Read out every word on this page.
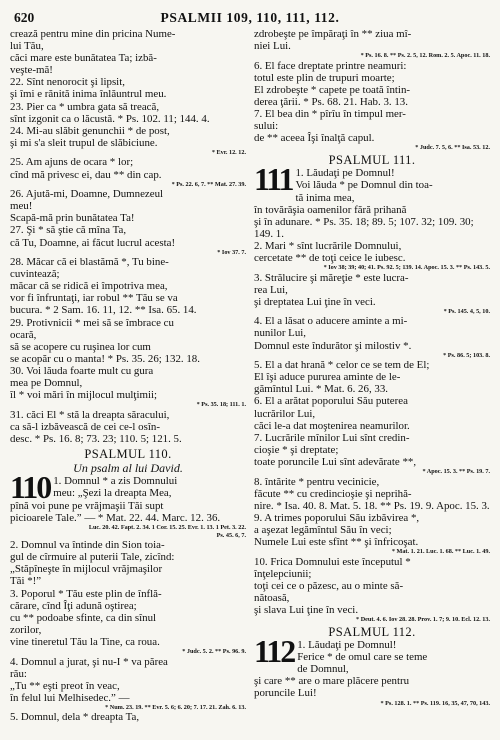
620	PSALMII 109, 110, 111, 112.
crează pentru mine din pricina Nume-
lui Tău,
căci mare este bunătatea Ta; izbă-
veşte-mă!
22. Sînt nenorocit şi lipsit,
şi îmi e rănită inima înlăuntrul meu.
23. Pier ca * umbra gata să treacă,
sînt izgonit ca o lăcustă. * Ps. 102. 11; 144. 4.
24. Mi-au slăbit genunchii * de post,
şi mi s'a sleit trupul de slăbiciune.
* Evr. 12. 12.
25. Am ajuns de ocara * lor;
cînd mă privesc ei, dau ** din cap.
* Ps. 22. 6, 7. ** Mat. 27. 39.
26. Ajută-mi, Doamne, Dumnezeul
meu!
Scapă-mă prin bunătatea Ta!
27. Şi * să ştie că mîna Ta,
că Tu, Doamne, ai făcut lucrul acesta!
* Iov 37. 7.
28. Măcar că ei blastămă *, Tu bine-
cuvintează;
măcar că se ridică ei împotriva mea,
vor fi înfruntaţi, iar robul ** Tău se va
bucura. * 2 Sam. 16. 11, 12. ** Isa. 65. 14.
29. Protivnicii * mei să se îmbrace cu
ocară,
să se acopere cu ruşinea lor cum
se acopăr cu o manta! * Ps. 35. 26; 132. 18.
30. Voi lăuda foarte mult cu gura
mea pe Domnul,
îl * voi mări în mijlocul mulţimii;
* Ps. 35. 18; 111. 1.
31. căci El * stă la dreapta săracului,
ca să-l izbăvească de cei ce-l osîn-
desc. * Ps. 16. 8; 73. 23; 110. 5; 121. 5.
PSALMUL 110.
Un psalm al lui David.
110 1. Domnul * a zis Domnului
meu: „Şezi la dreapta Mea,
pînă voi pune pe vrăjmaşii Tăi supt
picioarele Tale.” — * Mat. 22. 44. Marc. 12. 36.
Luc. 20. 42. Fapt. 2. 34. 1 Cor. 15. 25. Evr. 1. 13. 1 Pet. 3. 22.
Ps. 45. 6, 7.
2. Domnul va întinde din Sion toia-
gul de cîrmuire al puterii Tale, zicînd:
„Stăpîneşte în mijlocul vrăjmaşilor
Tăi *!”
3. Poporul * Tău este plin de înflă-
cărare, cînd Îţi adună oştirea;
cu ** podoabe sfinte, ca din sînul
zorilor,
vine tineretul Tău la Tine, ca roua.
* Judc. 5. 2. ** Ps. 96. 9.
4. Domnul a jurat, şi nu-I * va părea
rău:
„Tu ** eşti preot în veac,
în felul lui Melhisedec.” —
* Num. 23. 19. ** Evr. 5. 6; 6. 20; 7. 17. 21. Zah. 6. 13.
5. Domnul, dela * dreapta Ta,
zdrobeşte pe împăraţi în ** ziua mî-
niei Lui.
* Ps. 16. 8. ** Ps. 2. 5, 12. Rom. 2. 5. Apoc. 11. 18.
6. El face dreptate printre neamuri:
totul este plin de trupuri moarte;
El zdrobeşte * capete pe toată întin-
derea ţării. * Ps. 68. 21. Hab. 3. 13.
7. El bea din * pîrîu în timpul mer-
sului:
de ** aceea Îşi înalţă capul.
* Judc. 7. 5, 6. ** Isa. 53. 12.
PSALMUL 111.
111 1. Lăudaţi pe Domnul!
Voi lăuda * pe Domnul din toa-
tă inima mea,
în tovărăşia oamenilor fără prihană
şi în adunare. * Ps. 35. 18; 89. 5; 107. 32; 109. 30; 149. 1.
2. Mari * sînt lucrările Domnului,
cercetate ** de toţi ceice le iubesc.
* Iov 38; 39; 40; 41. Ps. 92. 5; 139. 14. Apoc. 15. 3. ** Ps. 143. 5.
3. Strălucire şi măreţie * este lucra-
rea Lui,
şi dreptatea Lui ţine în veci.
* Ps. 145. 4, 5, 10.
4. El a lăsat o aducere aminte a mi-
nunilor Lui,
Domnul este îndurător şi milostiv *.
* Ps. 86. 5; 103. 8.
5. El a dat hrană * celor ce se tem de El;
El îşi aduce pururea aminte de le-
gămîntul Lui. * Mat. 6. 26, 33.
6. El a arătat poporului Său puterea
lucrărilor Lui,
căci le-a dat moştenirea neamurilor.
7. Lucrările mînilor Lui sînt credin-
cioşie * şi dreptate;
toate poruncile Lui sînt adevărate **,
* Apoc. 15. 3. ** Ps. 19. 7.
8. întărite * pentru vecinicie,
făcute ** cu credincioşie şi neprihă-
nire. * Isa. 40. 8. Mat. 5. 18. ** Ps. 19. 9. Apoc. 15. 3.
9. A trimes poporului Său izbăvirea *,
a aşezat legămîntul Său în veci;
Numele Lui este sfînt ** şi înfricoşat.
* Mat. 1. 21. Luc. 1. 68. ** Luc. 1. 49.
10. Frica Domnului este începutul *
înţelepciunii;
toţi cei ce o păzesc, au o minte să-
nătoasă,
şi slava Lui ţine în veci.
* Deut. 4. 6. Iov 28. 28. Prov. 1. 7; 9. 10. Ecl. 12. 13.
PSALMUL 112.
112 1. Lăudaţi pe Domnul!
Ferice * de omul care se teme
de Domnul,
şi care ** are o mare plăcere pentru
poruncile Lui!
* Ps. 128. 1. ** Ps. 119. 16, 35, 47, 70, 143.
